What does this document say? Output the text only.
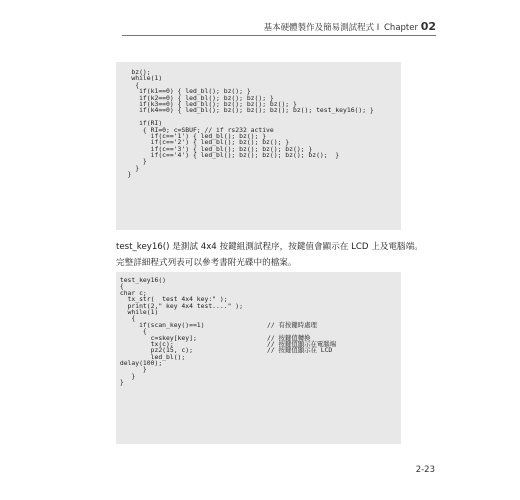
基本硬體製作及簡易測試程式 I Chapter 02
bz();
while(1)
{
if(k1==0) { led_bl(); bz(); }
if(k2==0) { led_bl(); bz(); bz(); }
if(k3==0) { led_bl(); bz(); bz(); bz(); }
if(k4==0) { led_bl(); bz(); bz(); bz(); bz(); test_key16(); }
if(RI)
{ RI=0; c=SBUF; // if rs232 active
if(c=='1') { led_bl(); bz(); }
if(c=='2') { led_bl(); bz(); bz(); }
if(c=='3') { led_bl(); bz(); bz(); bz(); }
if(c=='4') { led_bl(); bz(); bz(); bz(); bz();  }
}
}
}
test_key16() 是測試 4x4 按鍵組測試程序，按鍵值會顯示在 LCD 上及電腦端。
完整詳細程式列表可以參考書附光碟中的檔案。
test_key16()
{
char c;
tx_str(  test 4x4 key:" );
print(2," key 4x4 test...." );
while(1)
{
if(scan_key()==1)	// 有按鍵時處理
{
c=skey[key];	// 按鍵值轉換
tx(c);	// 按鍵值顯示在電腦端
pz2(15, c);	// 按鍵值顯示在 LCD
led_bl();
delay(100);
}
}
}
2-23
